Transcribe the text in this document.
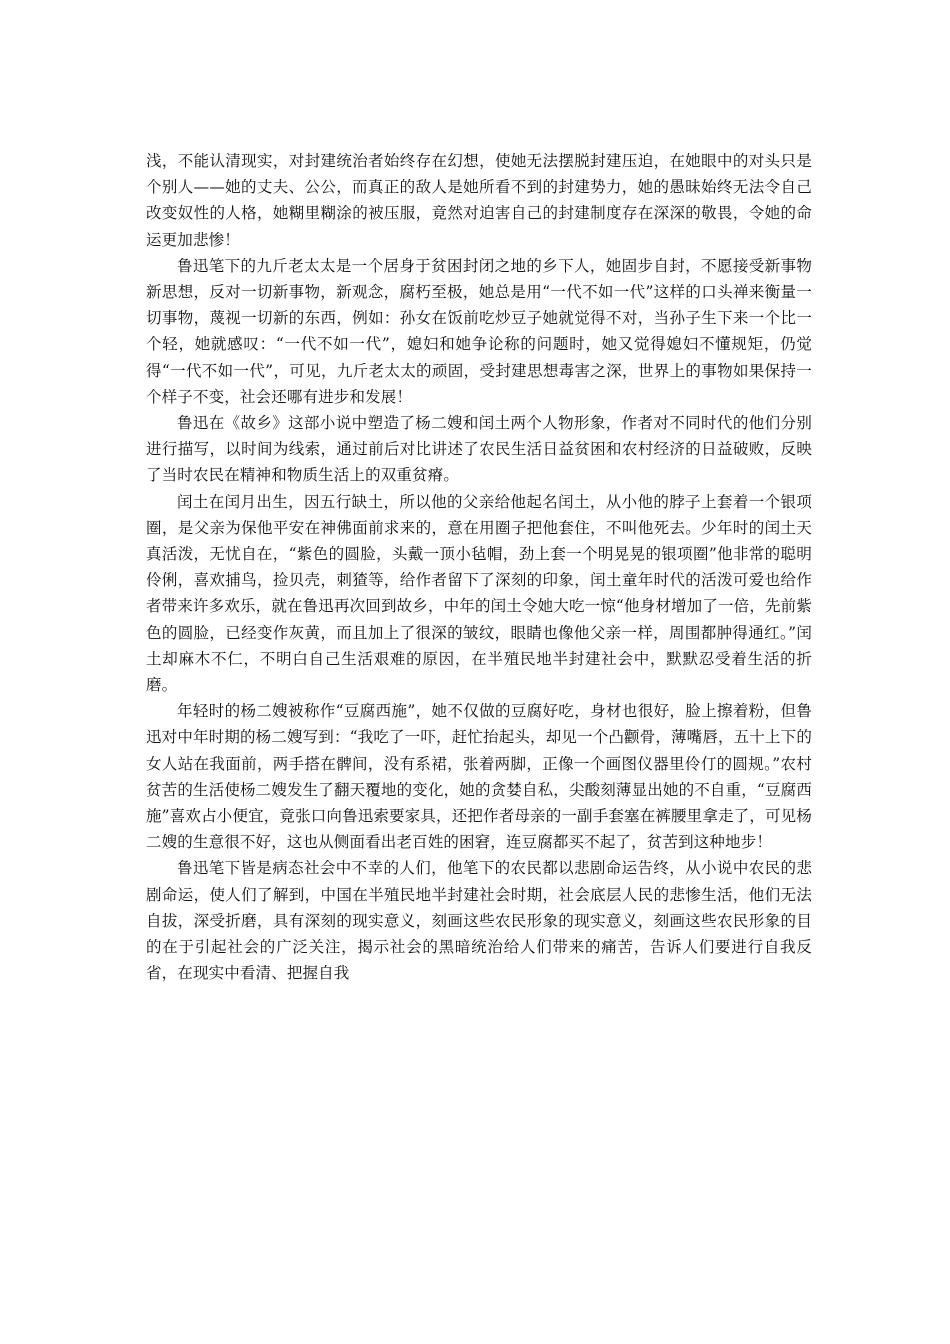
浅，不能认清现实，对封建统治者始终存在幻想，使她无法摆脱封建压迫，在她眼中的对头只是个别人——她的丈夫、公公，而真正的敌人是她所看不到的封建势力，她的愚昧始终无法令自己改变奴性的人格，她糊里糊涂的被压服，竟然对迫害自己的封建制度存在深深的敬畏，令她的命运更加悲惨！

鲁迅笔下的九斤老太太是一个居身于贫困封闭之地的乡下人，她固步自封，不愿接受新事物新思想，反对一切新事物，新观念，腐朽至极，她总是用“一代不如一代”这样的口头禅来衡量一切事物，蔑视一切新的东西，例如：孙女在饭前吃炒豆子她就觉得不对，当孙子生下来一个比一个轻，她就感叹：“一代不如一代”，媳妇和她争论称的问题时，她又觉得媳妇不懂规矩，仍觉得“一代不如一代”，可见，九斤老太太的顽固，受封建思想毒害之深，世界上的事物如果保持一个样子不变，社会还哪有进步和发展！

鲁迅在《故乡》这部小说中塑造了杨二嫂和闰土两个人物形象，作者对不同时代的他们分别进行描写，以时间为线索，通过前后对比讲述了农民生活日益贫困和农村经济的日益破败，反映了当时农民在精神和物质生活上的双重贫瘠。

闰土在闰月出生，因五行缺土，所以他的父亲给他起名闰土，从小他的脖子上套着一个银项圈，是父亲为保他平安在神佛面前求来的，意在用圈子把他套住，不叫他死去。少年时的闰土天真活泼，无忧自在，“紫色的圆脸，头戴一顶小毡帽，劲上套一个明晃晃的银项圈”他非常的聪明伶俐，喜欢捕鸟，捡贝壳，刺猹等，给作者留下了深刻的印象，闰土童年时代的活泼可爱也给作者带来许多欢乐，就在鲁迅再次回到故乡，中年的闰土令她大吃一惊“他身材增加了一倍，先前紫色的圆脸，已经变作灰黄，而且加上了很深的皱纹，眼睛也像他父亲一样，周围都肿得通红。”闰土却麻木不仁，不明白自己生活艰难的原因，在半殖民地半封建社会中，默默忍受着生活的折磨。

年轻时的杨二嫂被称作“豆腐西施”，她不仅做的豆腐好吃，身材也很好，脸上擦着粉，但鲁迅对中年时期的杨二嫂写到：“我吃了一吓，赶忙抬起头，却见一个凸颧骨，薄嘴唇，五十上下的女人站在我面前，两手搭在髀间，没有系裙，张着两脚，正像一个画图仪器里伶仃的圆规。”农村贫苦的生活使杨二嫂发生了翻天覆地的变化，她的贪婪自私，尖酸刻薄显出她的不自重，“豆腐西施”喜欢占小便宜，竟张口向鲁迅索要家具，还把作者母亲的一副手套塞在裤腰里拿走了，可见杨二嫂的生意很不好，这也从侧面看出老百姓的困窘，连豆腐都买不起了，贫苦到这种地步！

鲁迅笔下皆是病态社会中不幸的人们，他笔下的农民都以悲剧命运告终，从小说中农民的悲剧命运，使人们了解到，中国在半殖民地半封建社会时期，社会底层人民的悲惨生活，他们无法自拔，深受折磨，具有深刻的现实意义，刻画这些农民形象的现实意义，刻画这些农民形象的目的在于引起社会的广泛关注，揭示社会的黑暗统治给人们带来的痛苦，告诉人们要进行自我反省，在现实中看清、把握自我
